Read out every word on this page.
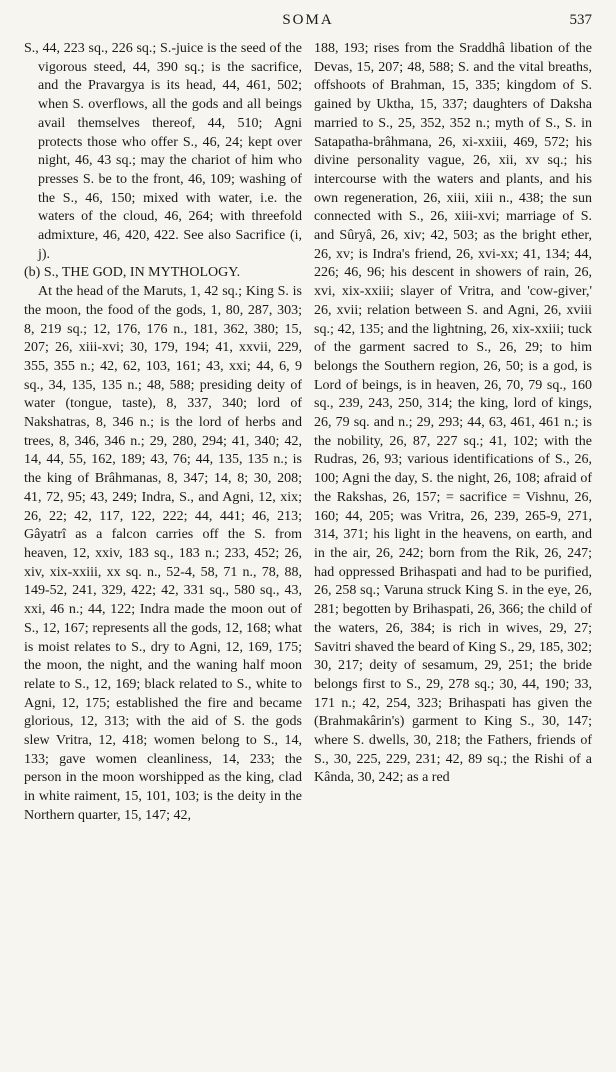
SOMA	537

S., 44, 223 sq., 226 sq.; S.-juice is the seed of the vigorous steed, 44, 390 sq.; is the sacrifice, and the Pravargya is its head, 44, 461, 502; when S. overflows, all the gods and all beings avail themselves thereof, 44, 510; Agni protects those who offer S., 46, 24; kept over night, 46, 43 sq.; may the chariot of him who presses S. be to the front, 46, 109; washing of the S., 46, 150; mixed with water, i.e. the waters of the cloud, 46, 264; with threefold admixture, 46, 420, 422. See also Sacrifice (i, j).

(b) S., THE GOD, IN MYTHOLOGY.

At the head of the Maruts, 1, 42 sq.; King S. is the moon, the food of the gods, 1, 80, 287, 303; 8, 219 sq.; 12, 176, 176 n., 181, 362, 380; 15, 207; 26, xiii-xvi; 30, 179, 194; 41, xxvii, 229, 355, 355 n.; 42, 62, 103, 161; 43, xxi; 44, 6, 9 sq., 34, 135, 135 n.; 48, 588; presiding deity of water (tongue, taste), 8, 337, 340; lord of Nakshatras, 8, 346 n.; is the lord of herbs and trees, 8, 346, 346 n.; 29, 280, 294; 41, 340; 42, 14, 44, 55, 162, 189; 43, 76; 44, 135, 135 n.; is the king of Brâhmanas, 8, 347; 14, 8; 30, 208; 41, 72, 95; 43, 249; Indra, S., and Agni, 12, xix; 26, 22; 42, 117, 122, 222; 44, 441; 46, 213; Gâyatrî as a falcon carries off the S. from heaven, 12, xxiv, 183 sq., 183 n.; 233, 452; 26, xiv, xix-xxiii, xx sq. n., 52-4, 58, 71 n., 78, 88, 149-52, 241, 329, 422; 42, 331 sq., 580 sq., 43, xxi, 46 n.; 44, 122; Indra made the moon out of S., 12, 167; represents all the gods, 12, 168; what is moist relates to S., dry to Agni, 12, 169, 175; the moon, the night, and the waning half moon relate to S., 12, 169; black related to S., white to Agni, 12, 175; established the fire and became glorious, 12, 313; with the aid of S. the gods slew Vritra, 12, 418; women belong to S., 14, 133; gave women cleanliness, 14, 233; the person in the moon worshipped as the king, clad in white raiment, 15, 101, 103; is the deity in the Northern quarter, 15, 147; 42,

188, 193; rises from the Sraddhâ libation of the Devas, 15, 207; 48, 588; S. and the vital breaths, offshoots of Brahman, 15, 335; kingdom of S. gained by Uktha, 15, 337; daughters of Daksha married to S., 25, 352, 352 n.; myth of S., S. in Satapatha-brâhmana, 26, xi-xxiii, 469, 572; his divine personality vague, 26, xii, xv sq.; his intercourse with the waters and plants, and his own regeneration, 26, xiii, xiii n., 438; the sun connected with S., 26, xiii-xvi; marriage of S. and Sûryâ, 26, xiv; 42, 503; as the bright ether, 26, xv; is Indra's friend, 26, xvi-xx; 41, 134; 44, 226; 46, 96; his descent in showers of rain, 26, xvi, xix-xxiii; slayer of Vritra, and 'cow-giver,' 26, xvii; relation between S. and Agni, 26, xviii sq.; 42, 135; and the lightning, 26, xix-xxiii; tuck of the garment sacred to S., 26, 29; to him belongs the Southern region, 26, 50; is a god, is Lord of beings, is in heaven, 26, 70, 79 sq., 160 sq., 239, 243, 250, 314; the king, lord of kings, 26, 79 sq. and n.; 29, 293; 44, 63, 461, 461 n.; is the nobility, 26, 87, 227 sq.; 41, 102; with the Rudras, 26, 93; various identifications of S., 26, 100; Agni the day, S. the night, 26, 108; afraid of the Rakshas, 26, 157; = sacrifice = Vishnu, 26, 160; 44, 205; was Vritra, 26, 239, 265-9, 271, 314, 371; his light in the heavens, on earth, and in the air, 26, 242; born from the Rik, 26, 247; had oppressed Brihaspati and had to be purified, 26, 258 sq.; Varuna struck King S. in the eye, 26, 281; begotten by Brihaspati, 26, 366; the child of the waters, 26, 384; is rich in wives, 29, 27; Savitri shaved the beard of King S., 29, 185, 302; 30, 217; deity of sesamum, 29, 251; the bride belongs first to S., 29, 278 sq.; 30, 44, 190; 33, 171 n.; 42, 254, 323; Brihaspati has given the (Brahmakârin's) garment to King S., 30, 147; where S. dwells, 30, 218; the Fathers, friends of S., 30, 225, 229, 231; 42, 89 sq.; the Rishi of a Kânda, 30, 242; as a red
